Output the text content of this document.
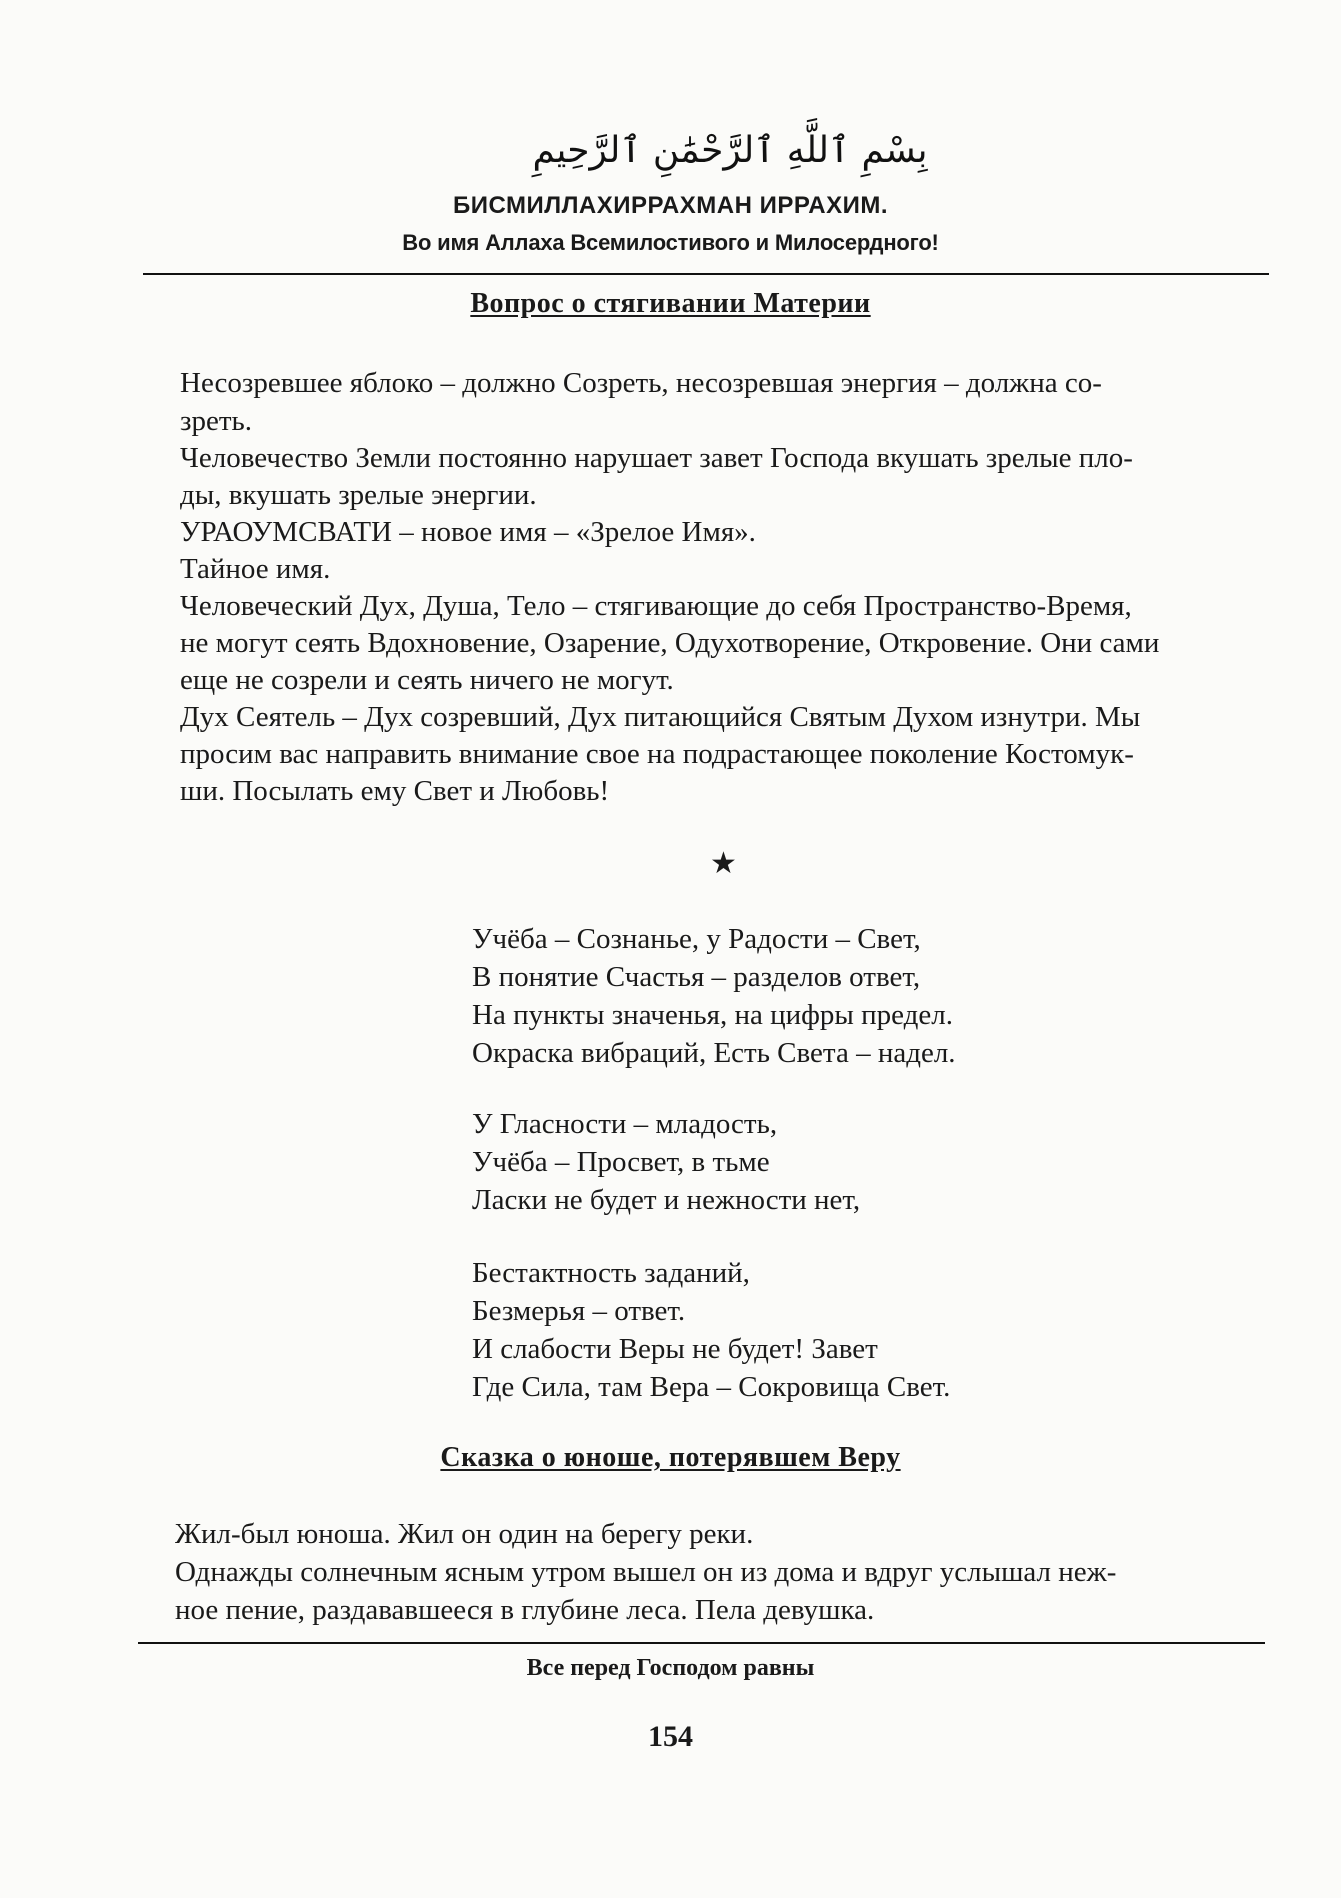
بِسْمِ ٱللَّهِ ٱلرَّحْمَٰنِ ٱلرَّحِيمِ
БИСМИЛЛАХИРРАХМАН ИРРАХИМ.
Во имя Аллаха Всемилостивого и Милосердного!
Вопрос о стягивании Материи
Несозревшее яблоко – должно Созреть, несозревшая энергия – должна со-
зреть.
Человечество Земли постоянно нарушает завет Господа вкушать зрелые пло-
ды, вкушать зрелые энергии.
УРАОУМСВАТИ – новое имя – «Зрелое Имя».
Тайное имя.
Человеческий Дух, Душа, Тело – стягивающие до себя Пространство-Время,
не могут сеять Вдохновение, Озарение, Одухотворение, Откровение. Они сами
еще не созрели и сеять ничего не могут.
Дух Сеятель – Дух созревший, Дух питающийся Святым Духом изнутри. Мы
просим вас направить внимание свое на подрастающее поколение Костомук-
ши. Посылать ему Свет и Любовь!
★
Учёба – Сознанье, у Радости – Свет,
В понятие Счастья – разделов ответ,
На пункты значенья, на цифры предел.
Окраска вибраций, Есть Света – надел.
У Гласности – младость,
Учёба – Просвет, в тьме
Ласки не будет и нежности нет,
Бестактность заданий,
Безмерья – ответ.
И слабости Веры не будет! Завет
Где Сила, там Вера – Сокровища Свет.
Сказка о юноше, потерявшем Веру
Жил-был юноша. Жил он один на берегу реки.
Однажды солнечным ясным утром вышел он из дома и вдруг услышал неж-
ное пение, раздававшееся в глубине леса. Пела девушка.
Все перед Господом равны
154
